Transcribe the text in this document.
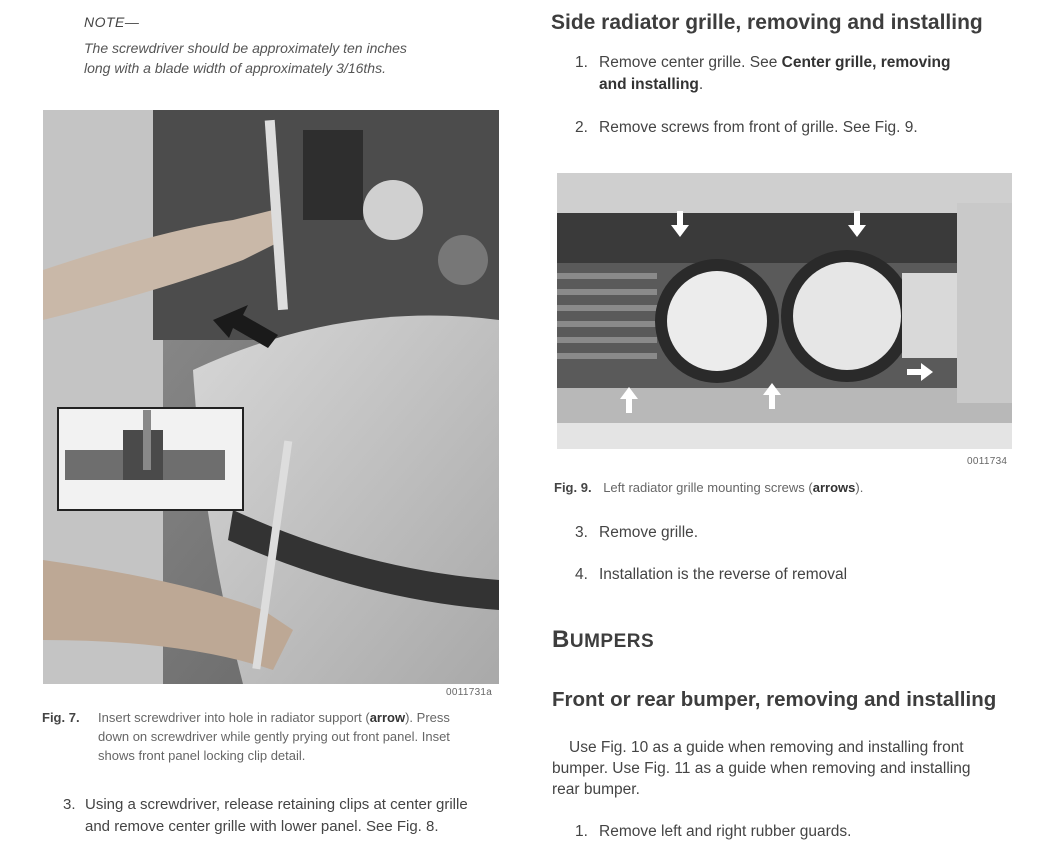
NOTE—
The screwdriver should be approximately ten inches
long with a blade width of approximately 3/16ths.
0011731a
Fig. 7. Insert screwdriver into hole in radiator support (arrow). Press
down on screwdriver while gently prying out front panel. Inset
shows front panel locking clip detail.
3. Using a screwdriver, release retaining clips at center grille
and remove center grille with lower panel. See Fig. 8.
Side radiator grille, removing and installing
1. Remove center grille. See Center grille, removing
and installing.
2. Remove screws from front of grille. See Fig. 9.
0011734
Fig. 9. Left radiator grille mounting screws (arrows).
3. Remove grille.
4. Installation is the reverse of removal
BUMPERS
Front or rear bumper, removing and installing
Use Fig. 10 as a guide when removing and installing front
bumper. Use Fig. 11 as a guide when removing and installing
rear bumper.
1. Remove left and right rubber guards.
